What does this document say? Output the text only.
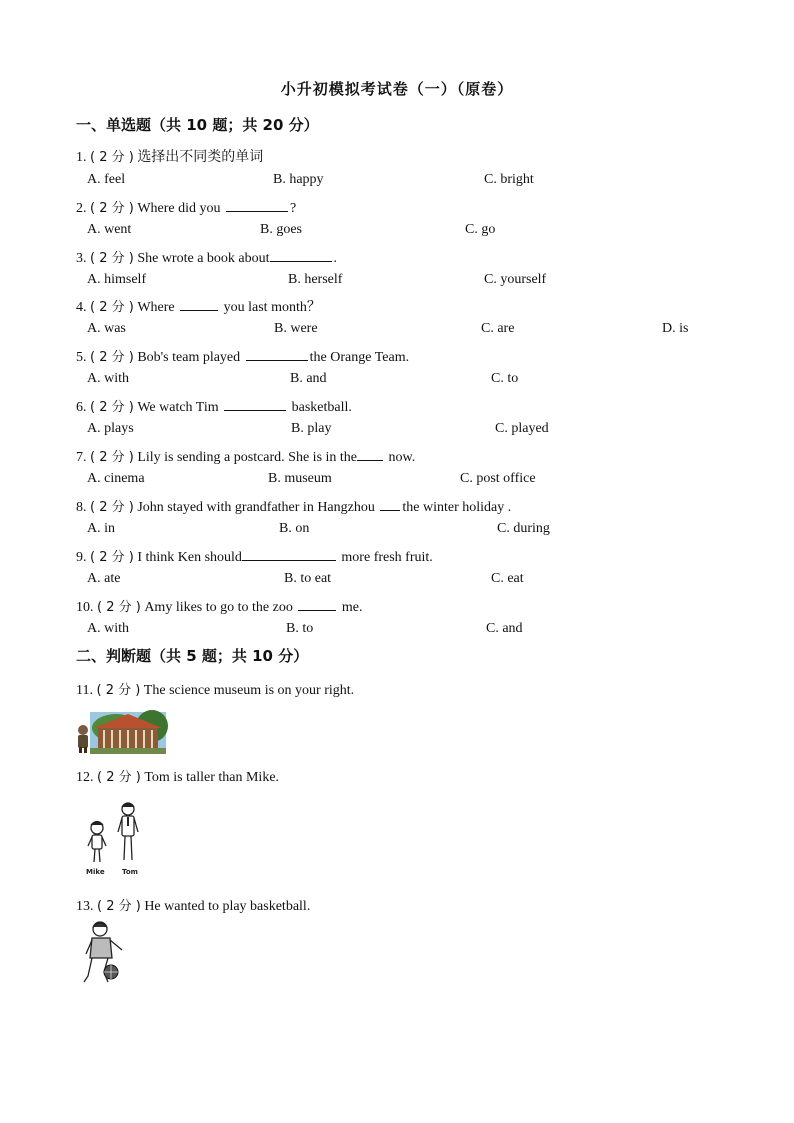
小升初模拟考试卷（一）（原卷）
一、单选题（共 10 题；共 20 分）
1. ( 2 分 ) 选择出不同类的单词
A. feel	B. happy	C. bright
2. ( 2 分 ) Where did you	?
A. went	B. goes	C. go
3. ( 2 分 ) She wrote a book about	.
A. himself	B. herself	C. yourself
4. ( 2 分 ) Where	you last month？
A. was	B. were	C. are	D. is
5. ( 2 分 ) Bob's team played	the Orange Team.
A. with	B. and	C. to
6. ( 2 分 ) We watch Tim	basketball.
A. plays	B. play	C. played
7. ( 2 分 ) Lily is sending a postcard. She is in the now.
A. cinema	B. museum	C. post office
8. ( 2 分 ) John stayed with grandfather in Hangzhou the winter holiday .
A. in	B. on	C. during
9. ( 2 分 ) I think Ken should	more fresh fruit.
A. ate	B. to eat	C. eat
10. ( 2 分 ) Amy likes to go to the zoo	me.
A. with	B. to	C. and
二、判断题（共 5 题；共 10 分）
11. ( 2 分 ) The science museum is on your right.
12. ( 2 分 ) Tom is taller than Mike.
Mike Tom
13. ( 2 分 ) He wanted to play basketball.
